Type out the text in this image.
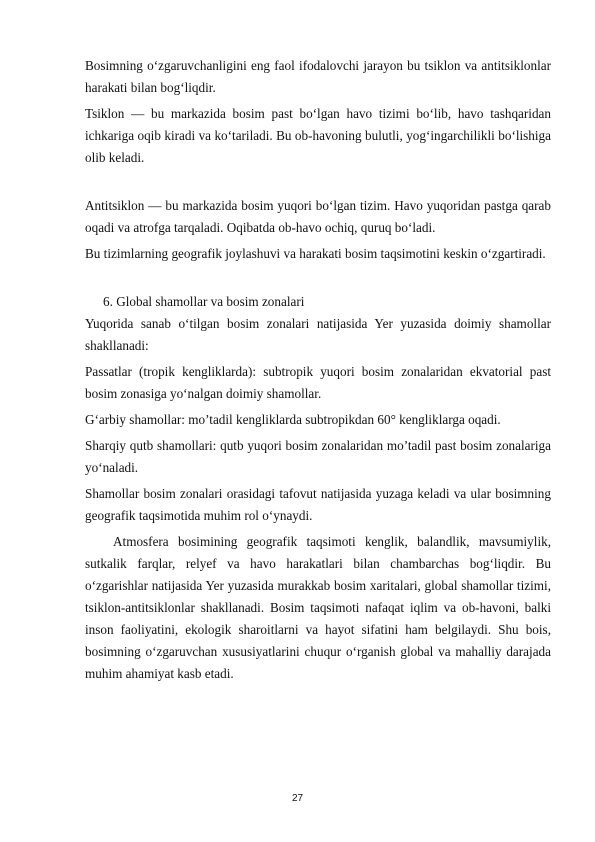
Bosimning o‘zgaruvchanligini eng faol ifodalovchi jarayon bu tsiklon va antitsiklonlar harakati bilan bog‘liqdir.

Tsiklon — bu markazida bosim past bo‘lgan havo tizimi bo‘lib, havo tashqaridan ichkariga oqib kiradi va ko‘tariladi. Bu ob-havoning bulutli, yog‘ingarchilikli bo‘lishiga olib keladi.

Antitsiklon — bu markazida bosim yuqori bo‘lgan tizim. Havo yuqoridan pastga qarab oqadi va atrofga tarqaladi. Oqibatda ob-havo ochiq, quruq bo‘ladi.

Bu tizimlarning geografik joylashuvi va harakati bosim taqsimotini keskin o‘zgartiradi.

6. Global shamollar va bosim zonalari

Yuqorida sanab o‘tilgan bosim zonalari natijasida Yer yuzasida doimiy shamollar shakllanadi:

Passatlar (tropik kengliklarda): subtropik yuqori bosim zonalaridan ekvatorial past bosim zonasiga yo‘nalgan doimiy shamollar.

G‘arbiy shamollar: mo’tadil kengliklarda subtropikdan 60° kengliklarga oqadi.

Sharqiy qutb shamollari: qutb yuqori bosim zonalaridan mo’tadil past bosim zonalariga yo‘naladi.

Shamollar bosim zonalari orasidagi tafovut natijasida yuzaga keladi va ular bosimning geografik taqsimotida muhim rol o‘ynaydi.

Atmosfera bosimining geografik taqsimoti kenglik, balandlik, mavsumiylik, sutkalik farqlar, relyef va havo harakatlari bilan chambarchas bog‘liqdir. Bu o‘zgarishlar natijasida Yer yuzasida murakkab bosim xaritalari, global shamollar tizimi, tsiklon-antitsiklonlar shakllanadi. Bosim taqsimoti nafaqat iqlim va ob-havoni, balki inson faoliyatini, ekologik sharoitlarni va hayot sifatini ham belgilaydi. Shu bois, bosimning o‘zgaruvchan xususiyatlarini chuqur o‘rganish global va mahalliy darajada muhim ahamiyat kasb etadi.

27
